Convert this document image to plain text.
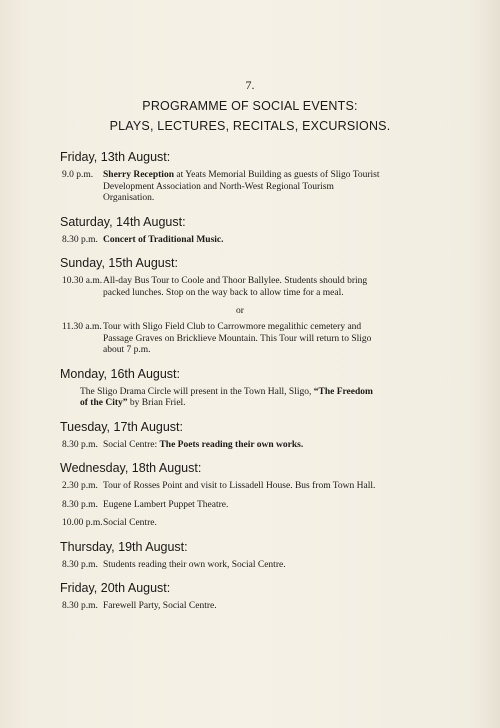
7.
PROGRAMME OF SOCIAL EVENTS:
PLAYS, LECTURES, RECITALS, EXCURSIONS.
Friday, 13th August:
9.0 p.m.	Sherry Reception at Yeats Memorial Building as guests of Sligo Tourist Development Association and North-West Regional Tourism Organisation.
Saturday, 14th August:
8.30 p.m. Concert of Traditional Music.
Sunday, 15th August:
10.30 a.m. All-day Bus Tour to Coole and Thoor Ballylee. Students should bring packed lunches. Stop on the way back to allow time for a meal.
or
11.30 a.m. Tour with Sligo Field Club to Carrowmore megalithic cemetery and Passage Graves on Bricklieve Mountain. This Tour will return to Sligo about 7 p.m.
Monday, 16th August:
The Sligo Drama Circle will present in the Town Hall, Sligo, “The Freedom of the City” by Brian Friel.
Tuesday, 17th August:
8.30 p.m. Social Centre: The Poets reading their own works.
Wednesday, 18th August:
2.30 p.m. Tour of Rosses Point and visit to Lissadell House. Bus from Town Hall.
8.30 p.m. Eugene Lambert Puppet Theatre.
10.00 p.m. Social Centre.
Thursday, 19th August:
8.30 p.m. Students reading their own work, Social Centre.
Friday, 20th August:
8.30 p.m. Farewell Party, Social Centre.
